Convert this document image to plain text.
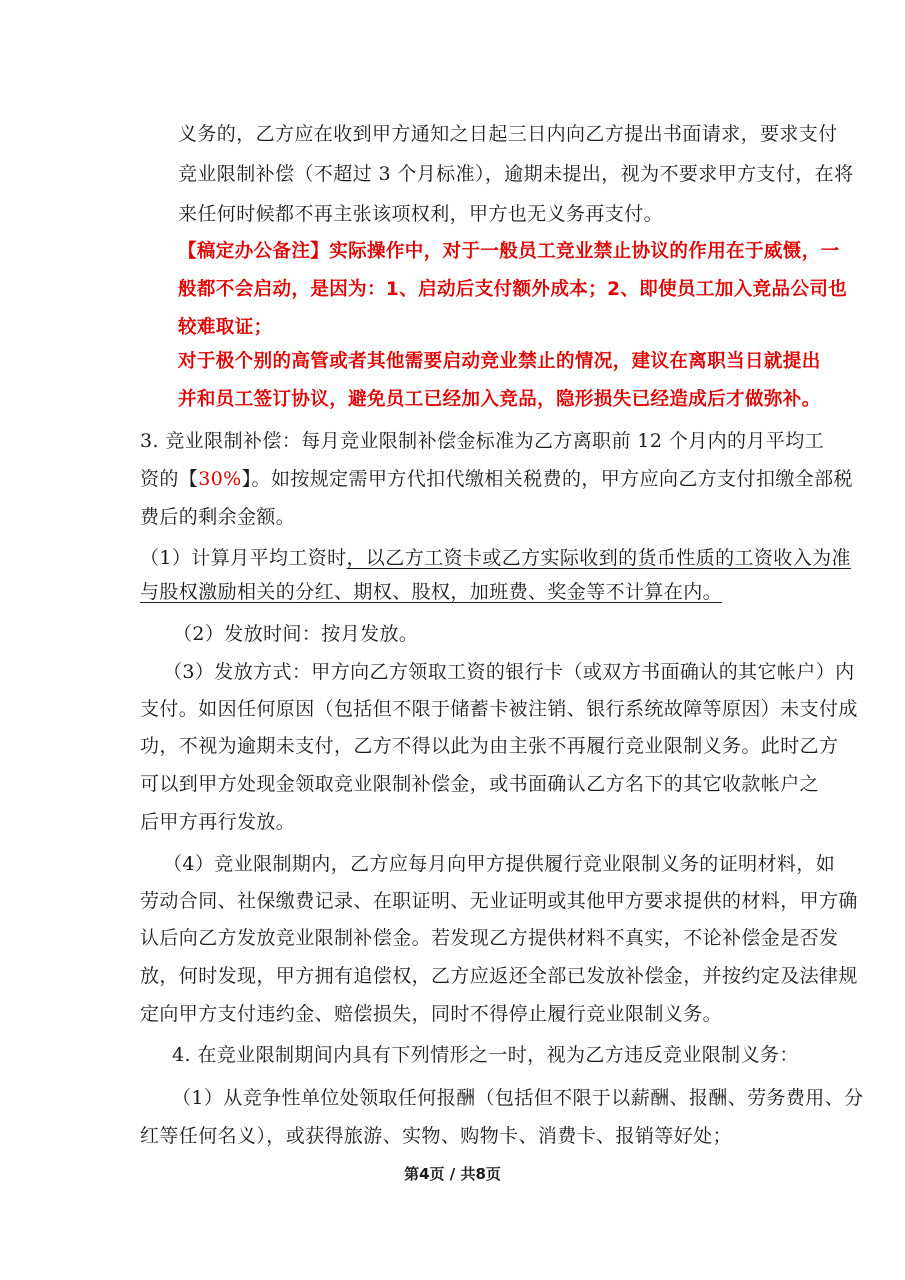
义务的，乙方应在收到甲方通知之日起三日内向乙方提出书面请求，要求支付
竞业限制补偿（不超过 3 个月标准），逾期未提出，视为不要求甲方支付，在将
来任何时候都不再主张该项权利，甲方也无义务再支付。
【稿定办公备注】实际操作中，对于一般员工竞业禁止协议的作用在于威慑，一
般都不会启动，是因为：1、启动后支付额外成本；2、即使员工加入竞品公司也
较难取证；
对于极个别的高管或者其他需要启动竞业禁止的情况，建议在离职当日就提出
并和员工签订协议，避免员工已经加入竞品，隐形损失已经造成后才做弥补。
3. 竞业限制补偿：每月竞业限制补偿金标准为乙方离职前 12 个月内的月平均工
资的【30%】。如按规定需甲方代扣代缴相关税费的，甲方应向乙方支付扣缴全部税
费后的剩余金额。
（1）计算月平均工资时，以乙方工资卡或乙方实际收到的货币性质的工资收入为准
与股权激励相关的分红、期权、股权，加班费、奖金等不计算在内。
（2）发放时间：按月发放。
（3）发放方式：甲方向乙方领取工资的银行卡（或双方书面确认的其它帐户）内
支付。如因任何原因（包括但不限于储蓄卡被注销、银行系统故障等原因）未支付成
功，不视为逾期未支付，乙方不得以此为由主张不再履行竞业限制义务。此时乙方
可以到甲方处现金领取竞业限制补偿金，或书面确认乙方名下的其它收款帐户之
后甲方再行发放。
（4）竞业限制期内，乙方应每月向甲方提供履行竞业限制义务的证明材料，如
劳动合同、社保缴费记录、在职证明、无业证明或其他甲方要求提供的材料，甲方确
认后向乙方发放竞业限制补偿金。若发现乙方提供材料不真实，不论补偿金是否发
放，何时发现，甲方拥有追偿权，乙方应返还全部已发放补偿金，并按约定及法律规
定向甲方支付违约金、赔偿损失，同时不得停止履行竞业限制义务。
4. 在竞业限制期间内具有下列情形之一时，视为乙方违反竞业限制义务：
（1）从竞争性单位处领取任何报酬（包括但不限于以薪酬、报酬、劳务费用、分
红等任何名义），或获得旅游、实物、购物卡、消费卡、报销等好处；
第4页 / 共8页
